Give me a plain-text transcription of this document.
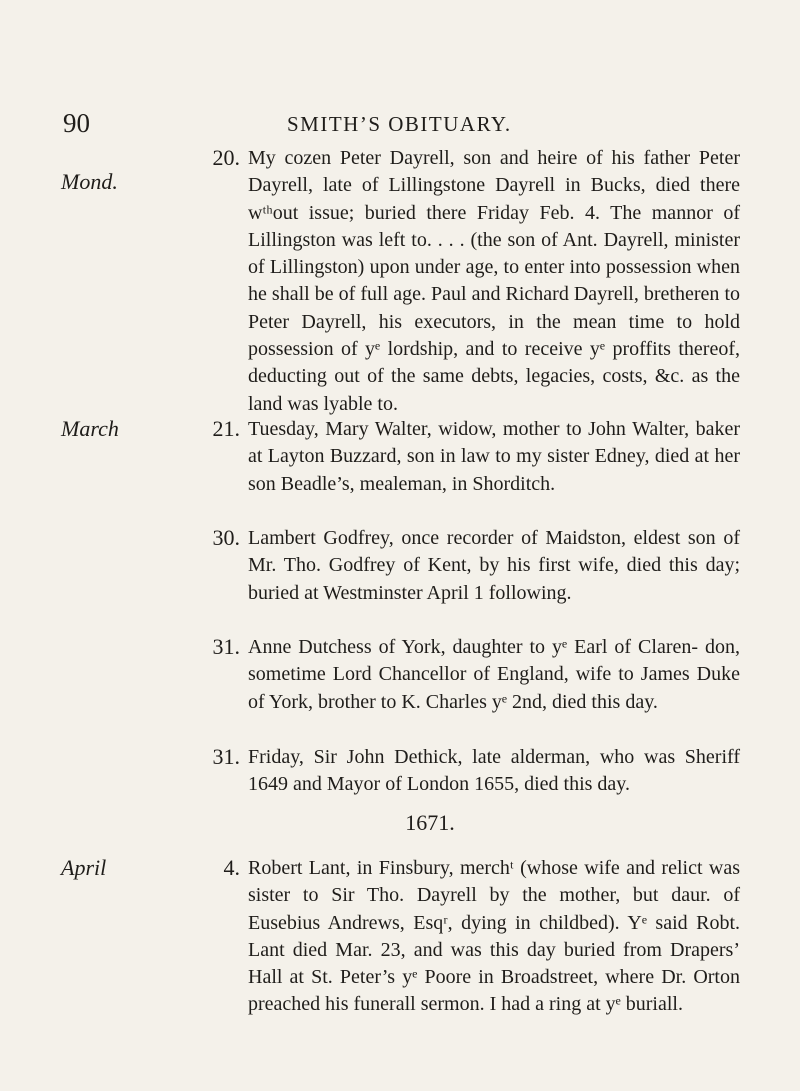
90	SMITH’S OBITUARY.
Mond.
20. My cozen Peter Dayrell, son and heire of his father Peter Dayrell, late of Lillingstone Dayrell in Bucks, died there wᵗʰout issue; buried there Friday Feb. 4. The mannor of Lillingston was left to. . . . (the son of Ant. Dayrell, minister of Lillingston) upon under age, to enter into possession when he shall be of full age. Paul and Richard Dayrell, bretheren to Peter Dayrell, his executors, in the mean time to hold possession of yᵉ lordship, and to receive yᵉ proffits thereof, deducting out of the same debts, legacies, costs, &c. as the land was lyable to.
March	21. Tuesday, Mary Walter, widow, mother to John Walter, baker at Layton Buzzard, son in law to my sister Edney, died at her son Beadle’s, mealeman, in Shorditch.
30. Lambert Godfrey, once recorder of Maidston, eldest son of Mr. Tho. Godfrey of Kent, by his first wife, died this day; buried at Westminster April 1 following.
31. Anne Dutchess of York, daughter to yᵉ Earl of Claren- don, sometime Lord Chancellor of England, wife to James Duke of York, brother to K. Charles yᵉ 2nd, died this day.
31. Friday, Sir John Dethick, late alderman, who was Sheriff 1649 and Mayor of London 1655, died this day.
1671.
April	4. Robert Lant, in Finsbury, merchᵗ (whose wife and relict was sister to Sir Tho. Dayrell by the mother, but daur. of Eusebius Andrews, Esqʳ, dying in childbed). Yᵉ said Robt. Lant died Mar. 23, and was this day buried from Drapers’ Hall at St. Peter’s yᵉ Poore in Broadstreet, where Dr. Orton preached his funerall sermon. I had a ring at yᵉ buriall.
